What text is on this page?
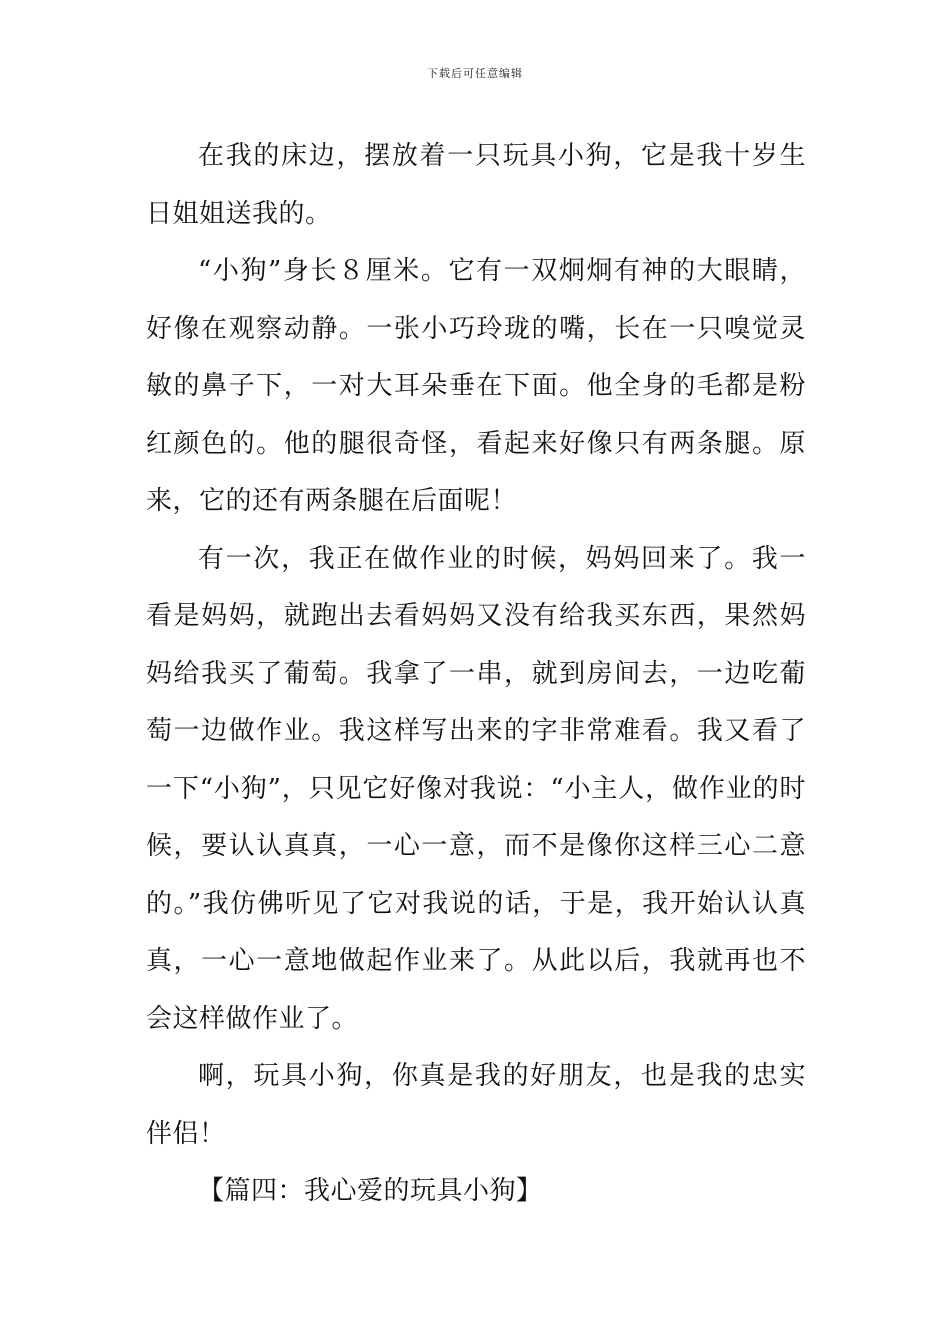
下载后可任意编辑

在我的床边，摆放着一只玩具小狗，它是我十岁生日姐姐送我的。

“小狗”身长８厘米。它有一双炯炯有神的大眼睛，好像在观察动静。一张小巧玲珑的嘴，长在一只嗅觉灵敏的鼻子下，一对大耳朵垂在下面。他全身的毛都是粉红颜色的。他的腿很奇怪，看起来好像只有两条腿。原来，它的还有两条腿在后面呢！

有一次，我正在做作业的时候，妈妈回来了。我一看是妈妈，就跑出去看妈妈又没有给我买东西，果然妈妈给我买了葡萄。我拿了一串，就到房间去，一边吃葡萄一边做作业。我这样写出来的字非常难看。我又看了一下“小狗”，只见它好像对我说：“小主人，做作业的时候，要认认真真，一心一意，而不是像你这样三心二意的。”我仿佛听见了它对我说的话，于是，我开始认认真真，一心一意地做起作业来了。从此以后，我就再也不会这样做作业了。

啊，玩具小狗，你真是我的好朋友，也是我的忠实伴侣！

【篇四：我心爱的玩具小狗】
